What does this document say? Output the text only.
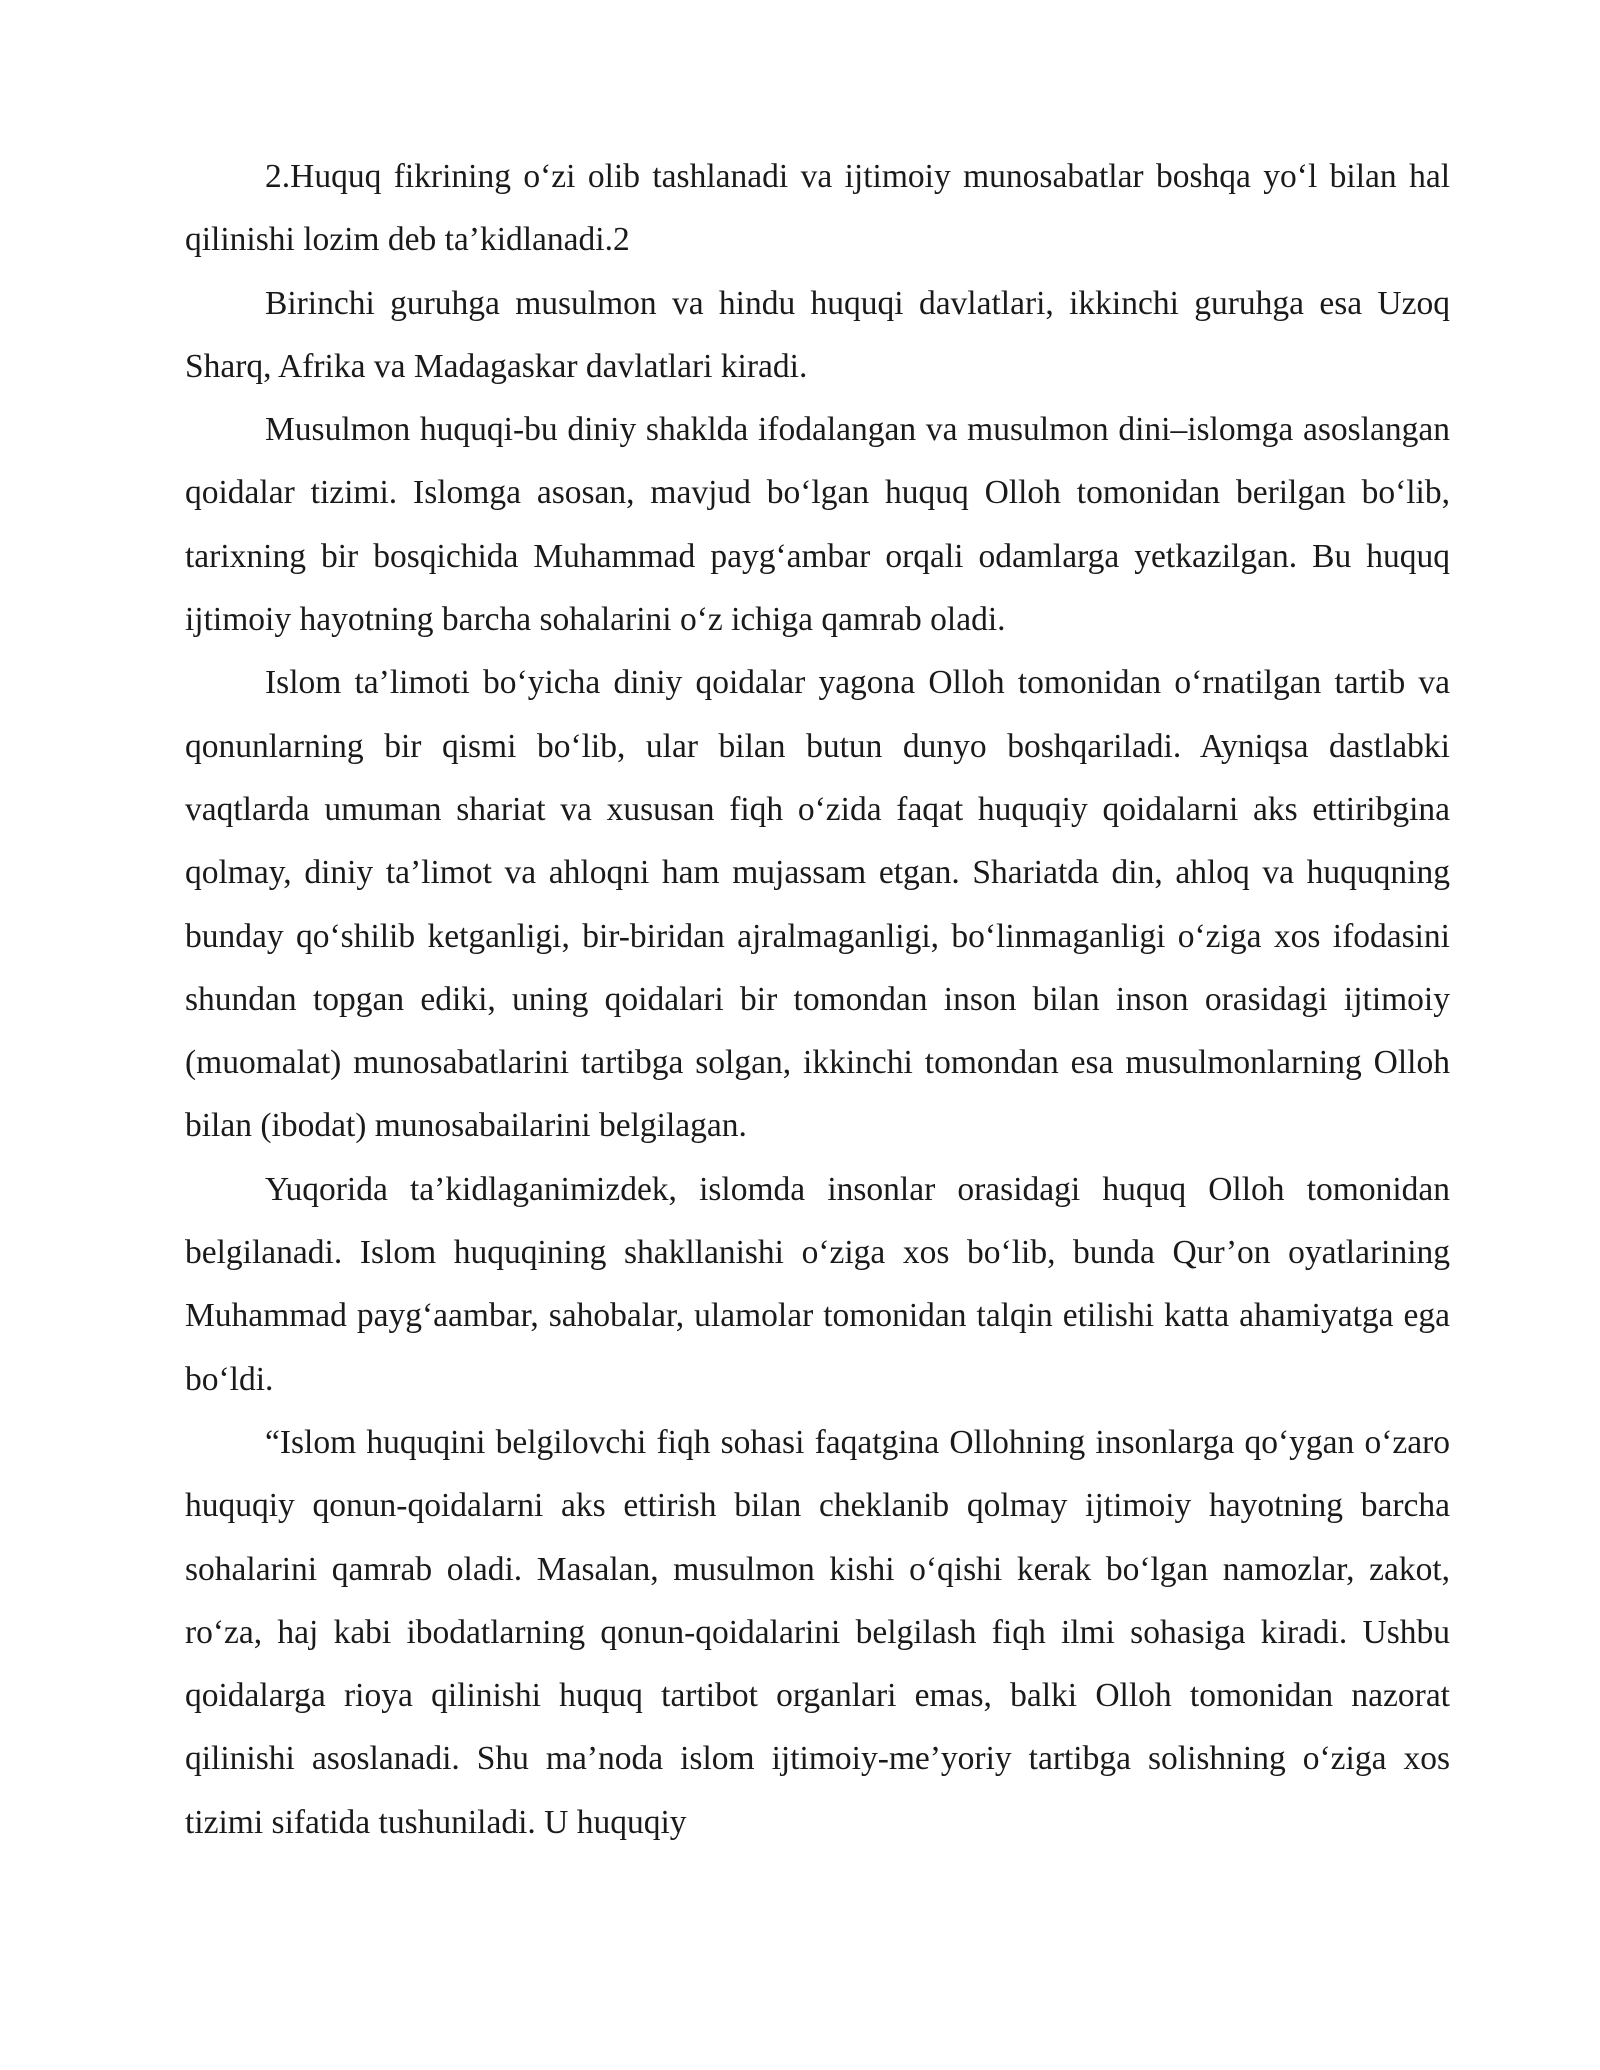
2.Huquq fikrining o‘zi olib tashlanadi va ijtimoiy munosabatlar boshqa yo‘l bilan hal qilinishi lozim deb ta’kidlanadi.2

Birinchi guruhga musulmon va hindu huquqi davlatlari, ikkinchi guruhga esa Uzoq Sharq, Afrika va Madagaskar davlatlari kiradi.

Musulmon huquqi-bu diniy shaklda ifodalangan va musulmon dini–islomga asoslangan qoidalar tizimi. Islomga asosan, mavjud bo‘lgan huquq Olloh tomonidan berilgan bo‘lib, tarixning bir bosqichida Muhammad payg‘ambar orqali odamlarga yetkazilgan. Bu huquq ijtimoiy hayotning barcha sohalarini o‘z ichiga qamrab oladi.

Islom ta’limoti bo‘yicha diniy qoidalar yagona Olloh tomonidan o‘rnatilgan tartib va qonunlarning bir qismi bo‘lib, ular bilan butun dunyo boshqariladi. Ayniqsa dastlabki vaqtlarda umuman shariat va xususan fiqh o‘zida faqat huquqiy qoidalarni aks ettiribgina qolmay, diniy ta’limot va ahloqni ham mujassam etgan. Shariatda din, ahloq va huquqning bunday qo‘shilib ketganligi, bir-biridan ajralmaganligi, bo‘linmaganligi o‘ziga xos ifodasini shundan topgan ediki, uning qoidalari bir tomondan inson bilan inson orasidagi ijtimoiy (muomalat) munosabatlarini tartibga solgan, ikkinchi tomondan esa musulmonlarning Olloh bilan (ibodat) munosabailarini belgilagan.

Yuqorida ta’kidlaganimizdek, islomda insonlar orasidagi huquq Olloh tomonidan belgilanadi. Islom huquqining shakllanishi o‘ziga xos bo‘lib, bunda Qur’on oyatlarining Muhammad payg‘aambar, sahobalar, ulamolar tomonidan talqin etilishi katta ahamiyatga ega bo‘ldi.

“Islom huquqini belgilovchi fiqh sohasi faqatgina Ollohning insonlarga qo‘ygan o‘zaro huquqiy qonun-qoidalarni aks ettirish bilan cheklanib qolmay ijtimoiy hayotning barcha sohalarini qamrab oladi. Masalan, musulmon kishi o‘qishi kerak bo‘lgan namozlar, zakot, ro‘za, haj kabi ibodatlarning qonun-qoidalarini belgilash fiqh ilmi sohasiga kiradi. Ushbu qoidalarga rioya qilinishi huquq tartibot organlari emas, balki Olloh tomonidan nazorat qilinishi asoslanadi. Shu ma’noda islom ijtimoiy-me’yoriy tartibga solishning o‘ziga xos tizimi sifatida tushuniladi. U huquqiy
